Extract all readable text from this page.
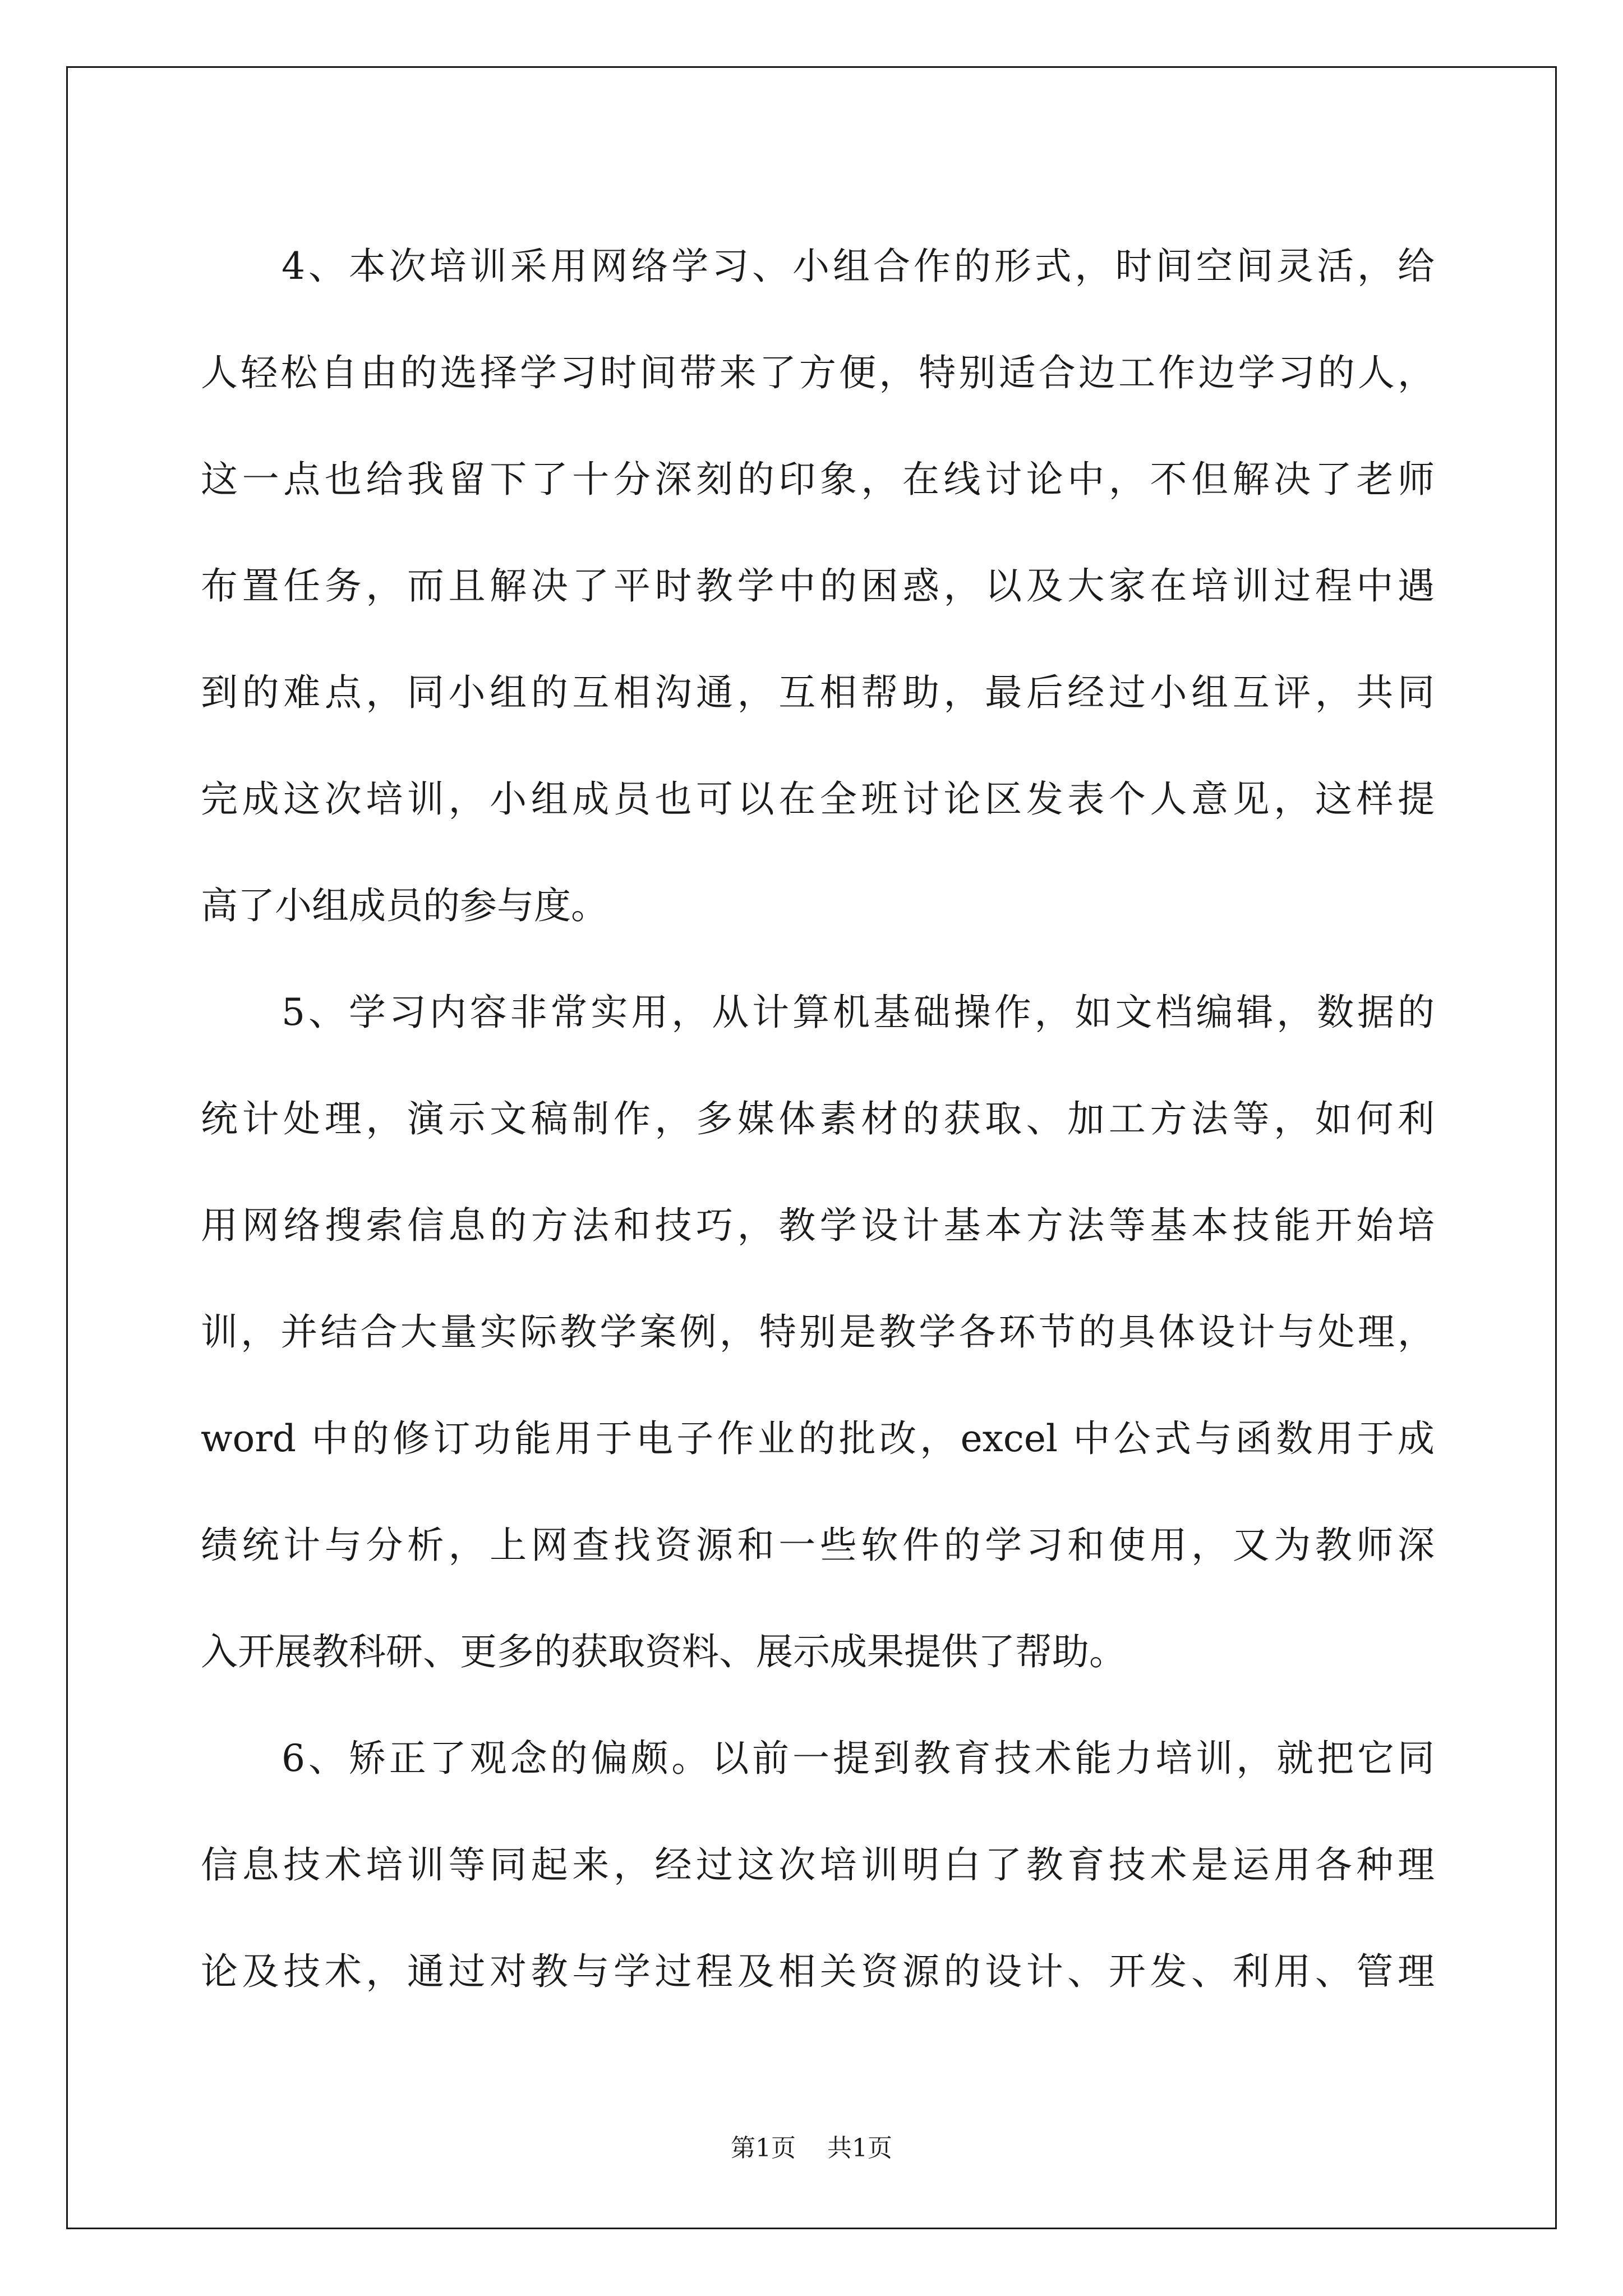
4、本次培训采用网络学习、小组合作的形式，时间空间灵活，给
人轻松自由的选择学习时间带来了方便，特别适合边工作边学习的人，
这一点也给我留下了十分深刻的印象，在线讨论中，不但解决了老师
布置任务，而且解决了平时教学中的困惑，以及大家在培训过程中遇
到的难点，同小组的互相沟通，互相帮助，最后经过小组互评，共同
完成这次培训，小组成员也可以在全班讨论区发表个人意见，这样提
高了小组成员的参与度。
5、学习内容非常实用，从计算机基础操作，如文档编辑，数据的
统计处理，演示文稿制作，多媒体素材的获取、加工方法等，如何利
用网络搜索信息的方法和技巧，教学设计基本方法等基本技能开始培
训，并结合大量实际教学案例，特别是教学各环节的具体设计与处理，
word 中的修订功能用于电子作业的批改，excel 中公式与函数用于成
绩统计与分析，上网查找资源和一些软件的学习和使用，又为教师深
入开展教科研、更多的获取资料、展示成果提供了帮助。
6、矫正了观念的偏颇。以前一提到教育技术能力培训，就把它同
信息技术培训等同起来，经过这次培训明白了教育技术是运用各种理
论及技术，通过对教与学过程及相关资源的设计、开发、利用、管理
第1页 共1页
